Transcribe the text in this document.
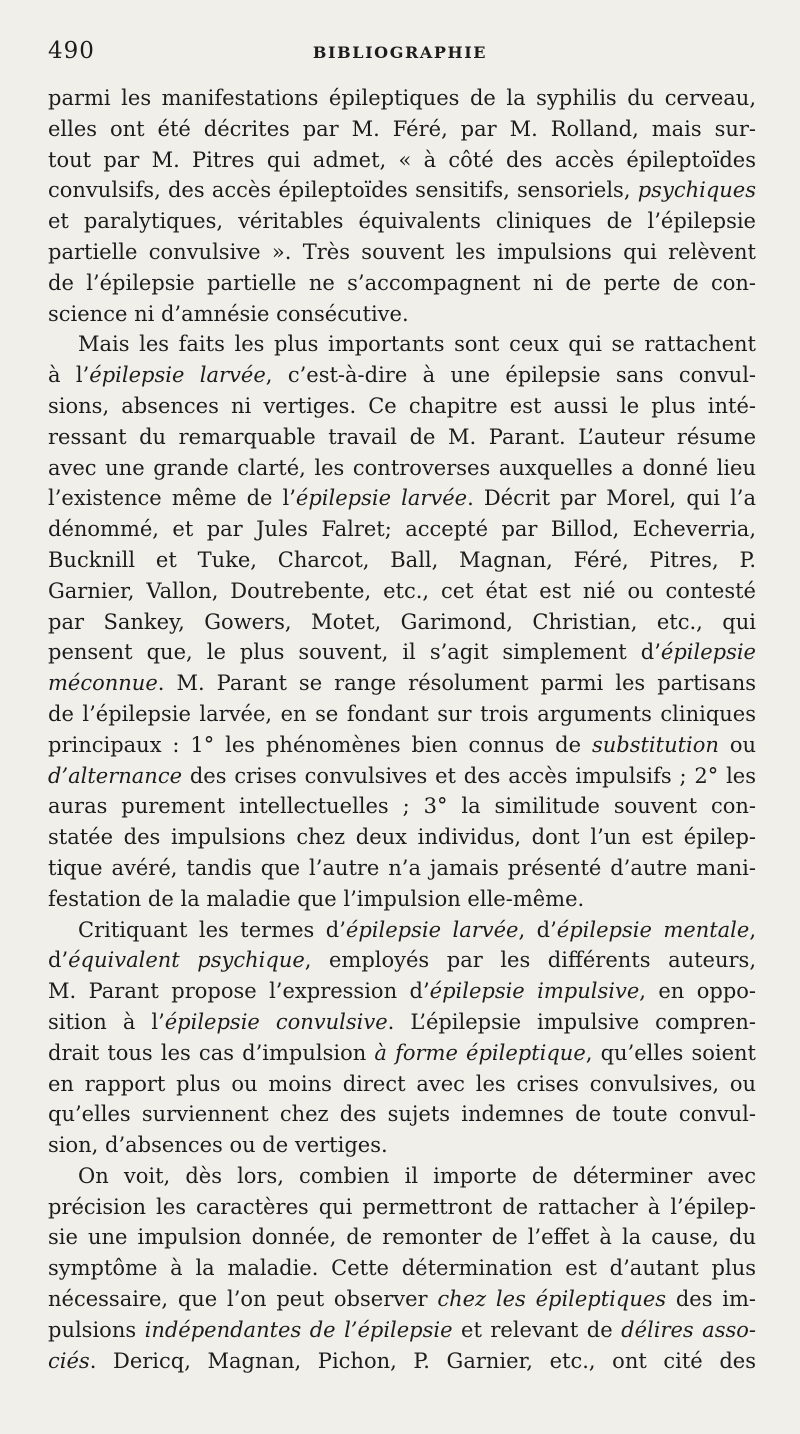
490	BIBLIOGRAPHIE
parmi les manifestations épileptiques de la syphilis du cerveau,
elles ont été décrites par M. Féré, par M. Rolland, mais sur-
tout par M. Pitres qui admet, « à côté des accès épileptoïdes
convulsifs, des accès épileptoïdes sensitifs, sensoriels, psychiques
et paralytiques, véritables équivalents cliniques de l’épilepsie
partielle convulsive ». Très souvent les impulsions qui relèvent
de l’épilepsie partielle ne s’accompagnent ni de perte de con-
science ni d’amnésie consécutive.
Mais les faits les plus importants sont ceux qui se rattachent
à l’épilepsie larvée, c’est-à-dire à une épilepsie sans convul-
sions, absences ni vertiges. Ce chapitre est aussi le plus inté-
ressant du remarquable travail de M. Parant. L’auteur résume
avec une grande clarté, les controverses auxquelles a donné lieu
l’existence même de l’épilepsie larvée. Décrit par Morel, qui l’a
dénommé, et par Jules Falret; accepté par Billod, Echeverria,
Bucknill et Tuke, Charcot, Ball, Magnan, Féré, Pitres, P.
Garnier, Vallon, Doutrebente, etc., cet état est nié ou contesté
par Sankey, Gowers, Motet, Garimond, Christian, etc., qui
pensent que, le plus souvent, il s’agit simplement d’épilepsie
méconnue. M. Parant se range résolument parmi les partisans
de l’épilepsie larvée, en se fondant sur trois arguments cliniques
principaux : 1° les phénomènes bien connus de substitution ou
d’alternance des crises convulsives et des accès impulsifs ; 2° les
auras purement intellectuelles ; 3° la similitude souvent con-
statée des impulsions chez deux individus, dont l’un est épilep-
tique avéré, tandis que l’autre n’a jamais présenté d’autre mani-
festation de la maladie que l’impulsion elle-même.
Critiquant les termes d’épilepsie larvée, d’épilepsie mentale,
d’équivalent psychique, employés par les différents auteurs,
M. Parant propose l’expression d’épilepsie impulsive, en oppo-
sition à l’épilepsie convulsive. L’épilepsie impulsive compren-
drait tous les cas d’impulsion à forme épileptique, qu’elles soient
en rapport plus ou moins direct avec les crises convulsives, ou
qu’elles surviennent chez des sujets indemnes de toute convul-
sion, d’absences ou de vertiges.
On voit, dès lors, combien il importe de déterminer avec
précision les caractères qui permettront de rattacher à l’épilep-
sie une impulsion donnée, de remonter de l’effet à la cause, du
symptôme à la maladie. Cette détermination est d’autant plus
nécessaire, que l’on peut observer chez les épileptiques des im-
pulsions indépendantes de l’épilepsie et relevant de délires asso-
ciés. Dericq, Magnan, Pichon, P. Garnier, etc., ont cité des
